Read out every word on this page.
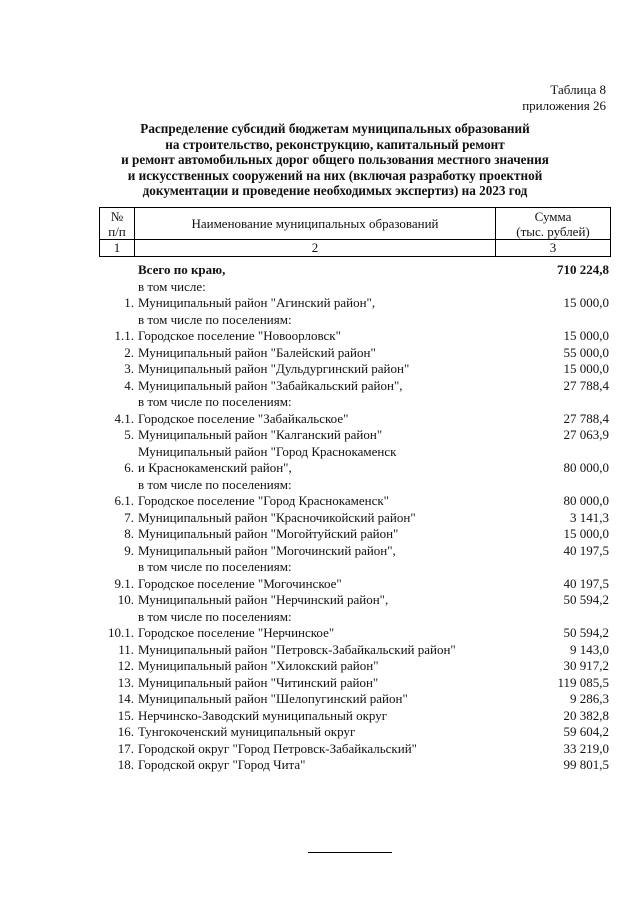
Таблица 8
приложения 26
Распределение субсидий бюджетам муниципальных образований
на строительство, реконструкцию, капитальный ремонт
и ремонт автомобильных дорог общего пользования местного значения
и искусственных сооружений на них (включая разработку проектной
документации и проведение необходимых экспертиз) на 2023 год
№
п/п	Наименование муниципальных образований	Сумма
(тыс. рублей)
1	2	3
Всего по краю,	710 224,8
в том числе:
1. Муниципальный район "Агинский район",	15 000,0
в том числе по поселениям:
1.1. Городское поселение "Новоорловск"	15 000,0
2. Муниципальный район "Балейский район"	55 000,0
3. Муниципальный район "Дульдургинский район"	15 000,0
4. Муниципальный район "Забайкальский район",	27 788,4
в том числе по поселениям:
4.1. Городское поселение "Забайкальское"	27 788,4
5. Муниципальный район "Калганский район"	27 063,9
6.
Муниципальный район "Город Краснокаменск
и Краснокаменский район",	80 000,0
в том числе по поселениям:
6.1. Городское поселение "Город Краснокаменск"	80 000,0
7. Муниципальный район "Красночикойский район"	3 141,3
8. Муниципальный район "Могойтуйский район"	15 000,0
9. Муниципальный район "Могочинский район",	40 197,5
в том числе по поселениям:
9.1. Городское поселение "Могочинское"	40 197,5
10. Муниципальный район "Нерчинский район",	50 594,2
в том числе по поселениям:
10.1. Городское поселение "Нерчинское"	50 594,2
11. Муниципальный район "Петровск-Забайкальский район"	9 143,0
12. Муниципальный район "Хилокский район"	30 917,2
13. Муниципальный район "Читинский район"	119 085,5
14. Муниципальный район "Шелопугинский район"	9 286,3
15. Нерчинско-Заводский муниципальный округ	20 382,8
16. Тунгокоченский муниципальный округ	59 604,2
17. Городской округ "Город Петровск-Забайкальский"	33 219,0
18. Городской округ "Город Чита"	99 801,5
